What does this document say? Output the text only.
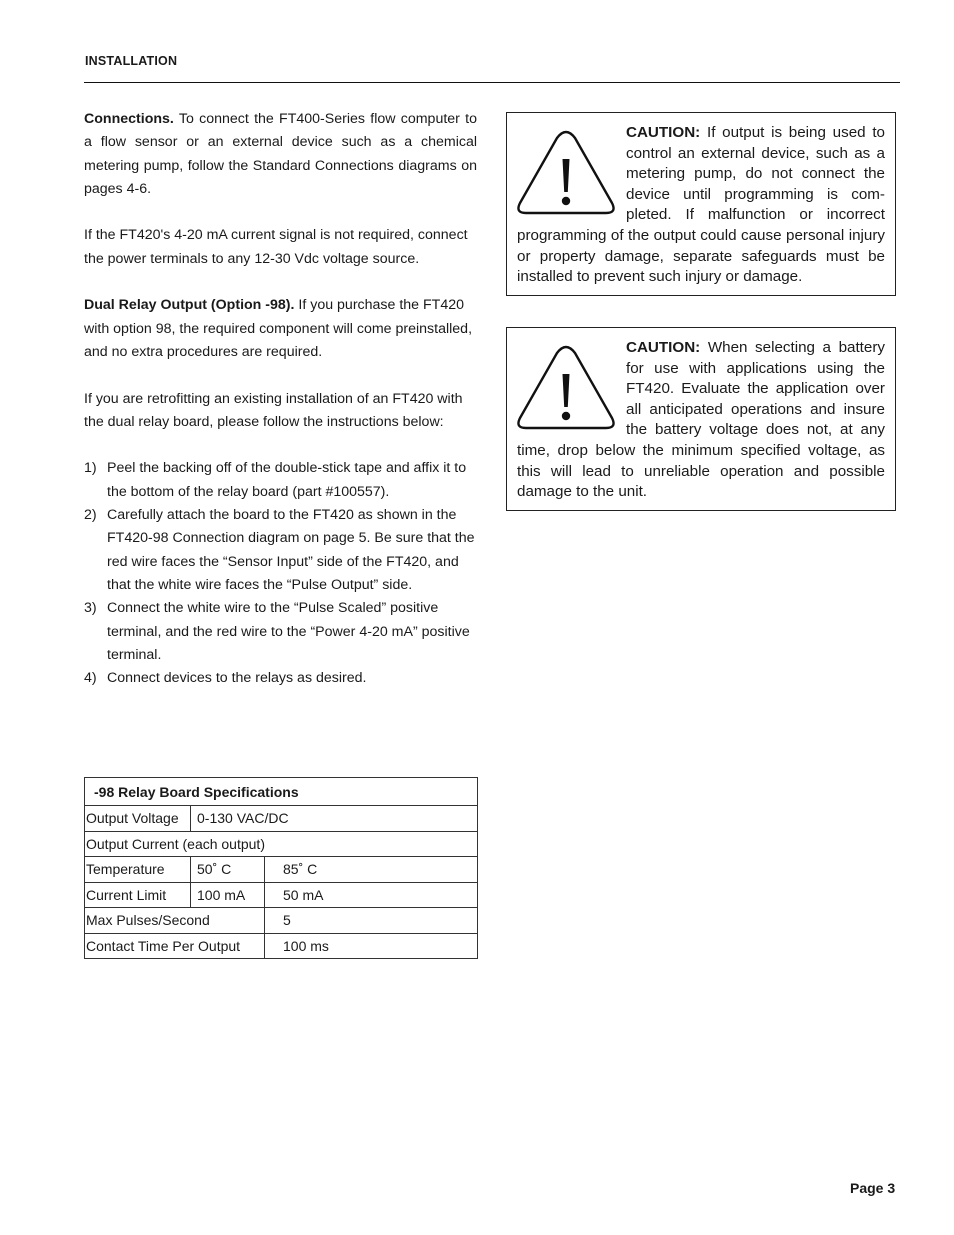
INSTALLATION

Connections. To connect the FT400-Series flow computer to a flow sensor or an external device such as a chemical metering pump, follow the Standard Connections diagrams on pages 4-6.

If the FT420's 4-20 mA current signal is not required, connect the power terminals to any 12-30 Vdc voltage source.

Dual Relay Output (Option -98). If you purchase the FT420 with option 98, the required component will come preinstalled, and no extra procedures are required.

If you are retrofitting an existing installation of an FT420 with the dual relay board, please follow the instructions below:

1) Peel the backing off of the double-stick tape and affix it to the bottom of the relay board (part #100557).
2) Carefully attach the board to the FT420 as shown in the FT420-98 Connection diagram on page 5. Be sure that the red wire faces the “Sensor Input” side of the FT420, and that the white wire faces the “Pulse Output” side.
3) Connect the white wire to the “Pulse Scaled” positive terminal, and the red wire to the “Power 4-20 mA” positive terminal.
4) Connect devices to the relays as desired.
CAUTION: If output is being used to control an external device, such as a metering pump, do not connect the device until programming is com-pleted. If malfunction or incorrect programming of the output could cause personal injury or property damage, separate safeguards must be installed to prevent such injury or damage.
CAUTION: When selecting a battery for use with applications using the FT420. Evaluate the application over all anticipated operations and insure the battery voltage does not, at any time, drop below the minimum specified voltage, as this will lead to unreliable operation and possible damage to the unit.
-98 Relay Board Specifications		
Output Voltage	0-130 VAC/DC	
Output Current (each output)		
Temperature	50˚ C	85˚ C
Current Limit	100 mA	50 mA
Max Pulses/Second		5
Contact Time Per Output		100 ms
Page 3
